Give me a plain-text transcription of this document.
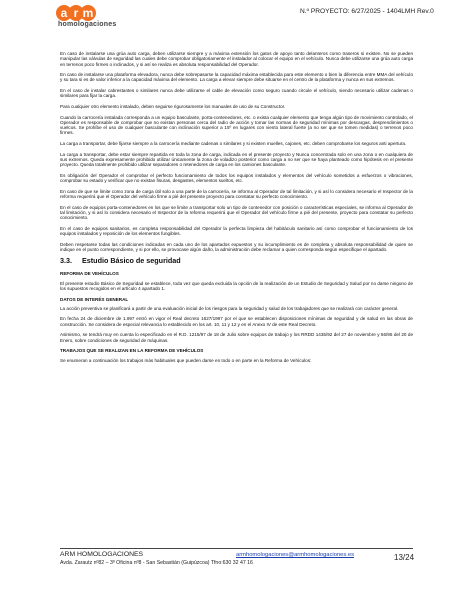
a r m
homologaciones
N.º PROYECTO: 6/27/2025 - 1404LMH Rev.0

En caso de instalarse una grúa auto carga, deben utilizarse siempre y a máxima extensión los gatos de apoyo tanto delanteros como traseros si existen. No se pueden manipular las válvulas de seguridad las cuales debe comprobar obligatoriamente el instalador al colocar el equipo en el vehículo. Nunca debe utilizarse una grúa auto carga en terrenos poco firmes o inclinados, y si así se realiza es absoluta responsabilidad del Operador.

En caso de instalarse una plataforma elevadora, nunca debe sobrepasarse la capacidad máxima establecida para este elemento o bien la diferencia entre MMA del vehículo y su tara si es de valor inferior a la capacidad máxima del elemento. La carga a elevar siempre debe situarse en el centro de la plataforma y nunca en sus extremos.

En el caso de instalar cabrestantes o similares nunca debe utilizarse el cable de elevación como seguro cuando circule el vehículo, siendo necesario utilizar cadenas o similares para fijar la carga.

Para cualquier otro elemento instalado, deben seguirse rigurosamente los manuales de uso de su Constructor.

Cuando la carrocería instalada corresponda a un equipo basculante, porta-contenedores, etc. o exista cualquier elemento que tenga algún tipo de movimiento controlado, el Operador es responsable de comprobar que no existan personas cerca del radio de acción y tomar las normas de seguridad mínimas por descargas, desprendimientos o vuelcos. Se prohíbe el uso de cualquier basculante con inclinación superior a 15º en lugares con viento lateral fuerte (a no ser que se tomen medidas) o terrenos poco firmes.

La carga a transportar, debe fijarse siempre a la carrocería mediante cadenas o similares y si existen muelles, cajones, etc. deben comprobarse los seguros anti apertura.

La carga a transportar, debe estar siempre repartida en toda la zona de carga, indicada en el presente proyecto y Nunca concentrada solo en una zona o en cualquiera de sus extremos. Queda expresamente prohibido utilizar únicamente la zona de voladizo posterior como carga a no ser que se haya planteado como hipótesis en el presente proyecto. Queda totalmente prohibido utilizar separadores o retenedores de carga en los camiones basculante.

Es obligación del Operador el comprobar el perfecto funcionamiento de todos los equipos instalados y elementos del vehículo sometidos a esfuerzos o vibraciones, comprobar su estado y verificar que no existan fisuras, desgastes, elementos sueltos, etc.

En caso de que se limite como zona de carga útil solo a una parte de la carrocería, se informa al Operador de tal limitación, y si así lo considera necesario el Inspector de la reforma requerirá que el Operador del vehículo firme a pié del presente proyecto para constatar su perfecto conocimiento.

En el caso de equipos porta-contenedores en los que se limite a transportar solo un tipo de contenedor con posición o características especiales, se informa al Operador de tal limitación, y si así lo considera necesario el Inspector de la reforma requerirá que el Operador del vehículo firme a pié del presente, proyecto para constatar su perfecto conocimiento.

En el caso de equipos sanitarios, es completa responsabilidad del Operador la perfecta limpieza del habitáculo sanitario así como comprobar el funcionamiento de los equipos instalados y reposición de los elementos fungibles.

Deben respetarse todas las condiciones indicadas en cada uno de los apartados expuestos y su incumplimiento es de completa y absoluta responsabilidad de quien se indique en el punto correspondiente, y si por ello, se provocase algún daño, la administración debe reclamar a quien corresponda según especifique el apartado.

3.3. Estudio Básico de seguridad
REFORMA DE VEHÍCULOS

El presente estudio Básico de Seguridad se establece, toda vez que queda excluida la opción de la realización de un Estudio de Seguridad y Salud por no darse ninguno de los supuestos recogidos en el artículo 4 apartado 1.

DATOS DE INTERÉS GENERAL

La acción preventiva se planificará a partir de una evaluación inicial de los riesgos para la seguridad y salud de los trabajadores que se realizará con carácter general.

En fecha 24 de diciembre de 1.997 entró en vigor el Real decreto 1627/1997 por el que se establecen disposiciones mínimas de seguridad y de salud en las obras de construcción. Se considera de especial relevancia lo establecido en los art. 10, 11 y 12 y en el Anexo IV de este Real Decreto.

Asimismo, se tendrá muy en cuenta lo especificado en el R.D. 1215/97 de 18 de Julio sobre equipos de trabajo y los RRDD 1435/92 del 27 de noviembre y 56/95 del 20 de Enero, sobre condiciones de seguridad de máquinas.

TRABAJOS QUE SE REALIZAN EN LA REFORMA DE VEHÍCULOS

Se enumeran a continuación los trabajos más habituales que pueden darse en todo o en parte en la Reforma de Vehículos:

ARM HOMOLOGACIONES	armhomologaciones@armhomologaciones.es	13/24
Avda. Zarautz nº82 – 3º Oficina nº8 - San Sebastián (Guipúzcoa) Tfno:630 32 47 16
